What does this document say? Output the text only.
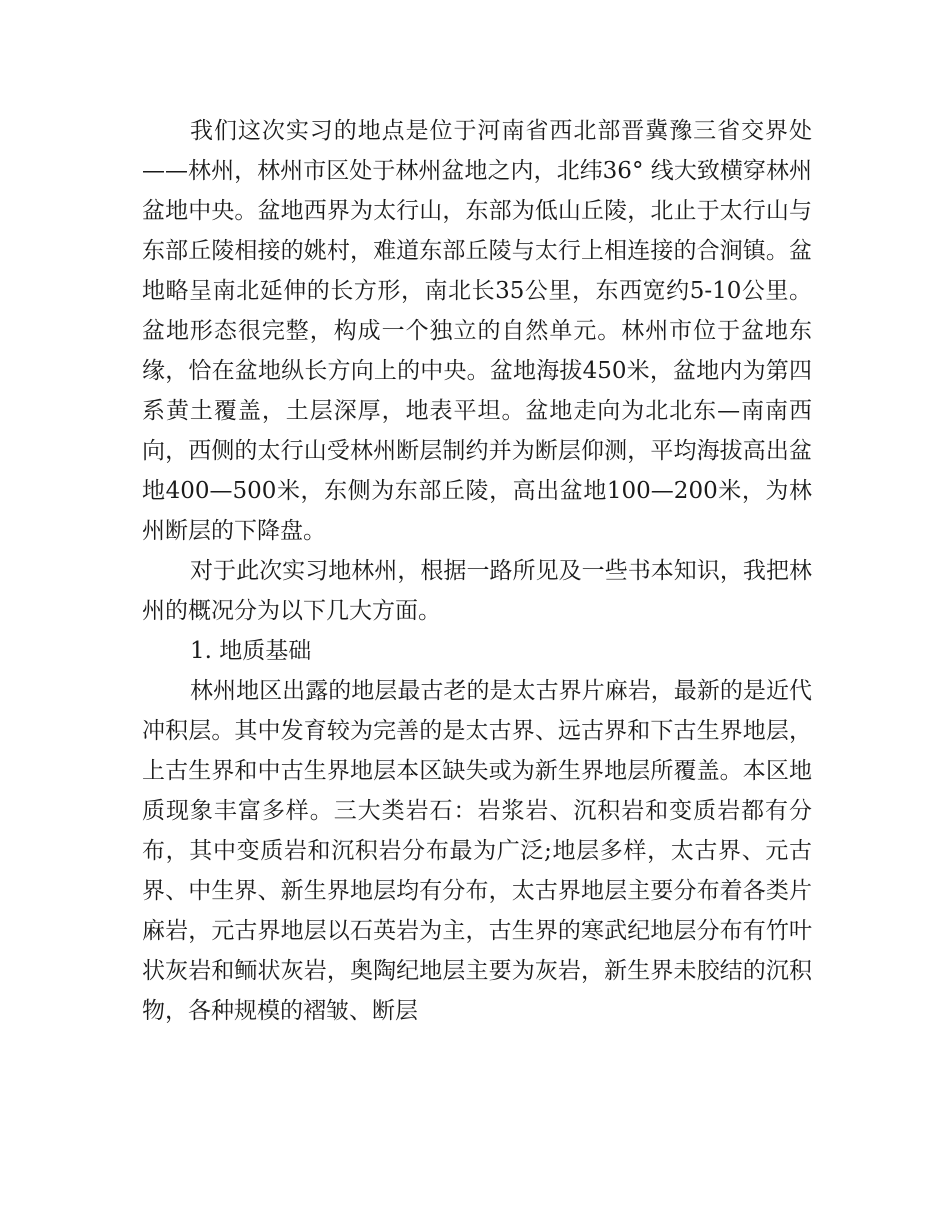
我们这次实习的地点是位于河南省西北部晋冀豫三省交界处——林州，林州市区处于林州盆地之内，北纬36° 线大致横穿林州盆地中央。盆地西界为太行山，东部为低山丘陵，北止于太行山与东部丘陵相接的姚村，难道东部丘陵与太行上相连接的合涧镇。盆地略呈南北延伸的长方形，南北长35公里，东西宽约5-10公里。盆地形态很完整，构成一个独立的自然单元。林州市位于盆地东缘，恰在盆地纵长方向上的中央。盆地海拔450米，盆地内为第四系黄土覆盖，土层深厚，地表平坦。盆地走向为北北东—南南西向，西侧的太行山受林州断层制约并为断层仰测，平均海拔高出盆地400—500米，东侧为东部丘陵，高出盆地100—200米，为林州断层的下降盘。

对于此次实习地林州，根据一路所见及一些书本知识，我把林州的概况分为以下几大方面。

1. 地质基础

林州地区出露的地层最古老的是太古界片麻岩，最新的是近代冲积层。其中发育较为完善的是太古界、远古界和下古生界地层，上古生界和中古生界地层本区缺失或为新生界地层所覆盖。本区地质现象丰富多样。三大类岩石：岩浆岩、沉积岩和变质岩都有分布，其中变质岩和沉积岩分布最为广泛;地层多样，太古界、元古界、中生界、新生界地层均有分布，太古界地层主要分布着各类片麻岩，元古界地层以石英岩为主，古生界的寒武纪地层分布有竹叶状灰岩和鲕状灰岩，奥陶纪地层主要为灰岩，新生界未胶结的沉积物，各种规模的褶皱、断层
